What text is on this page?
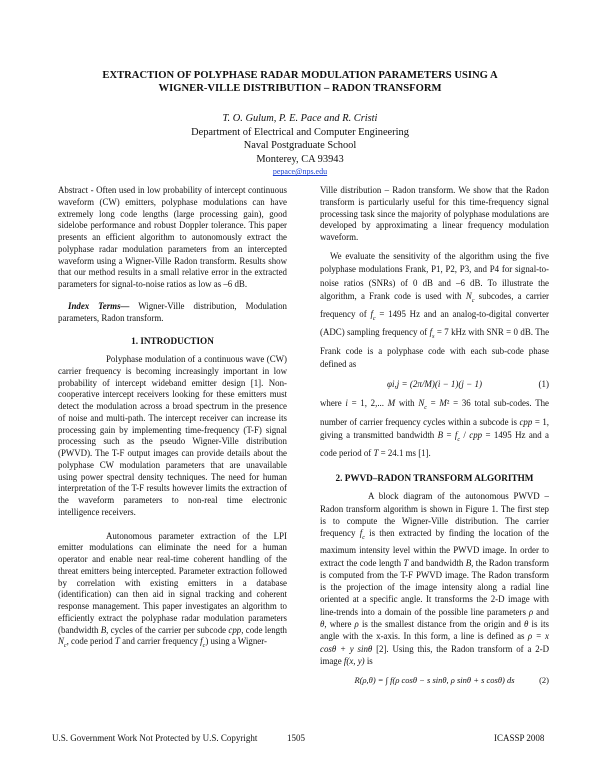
EXTRACTION OF POLYPHASE RADAR MODULATION PARAMETERS USING A
WIGNER-VILLE DISTRIBUTION – RADON TRANSFORM
T. O. Gulum, P. E. Pace and R. Cristi
Department of Electrical and Computer Engineering
Naval Postgraduate School
Monterey, CA 93943
pepace@nps.edu

Abstract - Often used in low probability of intercept continuous waveform (CW) emitters, polyphase modulations can have extremely long code lengths (large processing gain), good sidelobe performance and robust Doppler tolerance. This paper presents an efficient algorithm to autonomously extract the polyphase radar modulation parameters from an intercepted waveform using a Wigner-Ville Radon transform. Results show that our method results in a small relative error in the extracted parameters for signal-to-noise ratios as low as –6 dB.

Index Terms— Wigner-Ville distribution, Modulation parameters, Radon transform.

1. INTRODUCTION

Polyphase modulation of a continuous wave (CW) carrier frequency is becoming increasingly important in low probability of intercept wideband emitter design [1]. Non-cooperative intercept receivers looking for these emitters must detect the modulation across a broad spectrum in the presence of noise and multi-path. The intercept receiver can increase its processing gain by implementing time-frequency (T-F) signal processing such as the pseudo Wigner-Ville distribution (PWVD). The T-F output images can provide details about the polyphase CW modulation parameters that are unavailable using power spectral density techniques. The need for human interpretation of the T-F results however limits the extraction of the waveform parameters to non-real time electronic intelligence receivers.

Autonomous parameter extraction of the LPI emitter modulations can eliminate the need for a human operator and enable near real-time coherent handling of the threat emitters being intercepted. Parameter extraction followed by correlation with existing emitters in a database (identification) can then aid in signal tracking and coherent response management. This paper investigates an algorithm to efficiently extract the polyphase radar modulation parameters (bandwidth B, cycles of the carrier per subcode cpp, code length $N_c$, code period T and carrier frequency $f_c$) using a Wigner-

Ville distribution – Radon transform. We show that the Radon transform is particularly useful for this time-frequency signal processing task since the majority of polyphase modulations are developed by approximating a linear frequency modulation waveform.

We evaluate the sensitivity of the algorithm using the five polyphase modulations Frank, P1, P2, P3, and P4 for signal-to-noise ratios (SNRs) of 0 dB and –6 dB. To illustrate the algorithm, a Frank code is used with $N_c$ subcodes, a carrier frequency of $f_c = 1495$ Hz and an analog-to-digital converter (ADC) sampling frequency of $f_s = 7$ kHz with SNR = 0 dB. The Frank code is a polyphase code with each sub-code phase defined as

φi,j = (2π/M)(i − 1)(j − 1)	(1)

where i = 1, 2,... M with $N_c = M^2 = 36$ total sub-codes. The number of carrier frequency cycles within a subcode is cpp = 1, giving a transmitted bandwidth $B = f_c$ / cpp = 1495 Hz and a code period of T = 24.1 ms [1].

2. PWVD–RADON TRANSFORM ALGORITHM

A block diagram of the autonomous PWVD – Radon transform algorithm is shown in Figure 1. The first step is to compute the Wigner-Ville distribution. The carrier frequency $f_c$ is then extracted by finding the location of the maximum intensity level within the PWVD image. In order to extract the code length T and bandwidth B, the Radon transform is computed from the T-F PWVD image. The Radon transform is the projection of the image intensity along a radial line oriented at a specific angle. It transforms the 2-D image with line-trends into a domain of the possible line parameters ρ and θ, where ρ is the smallest distance from the origin and θ is its angle with the x-axis. In this form, a line is defined as ρ = x cosθ + y sinθ [2]. Using this, the Radon transform of a 2-D image f(x, y) is

R(ρ,θ) = ∫ f(ρ cosθ − s sinθ, ρ sinθ + s cosθ) ds	(2)
U.S. Government Work Not Protected by U.S. Copyright	1505	ICASSP 2008
